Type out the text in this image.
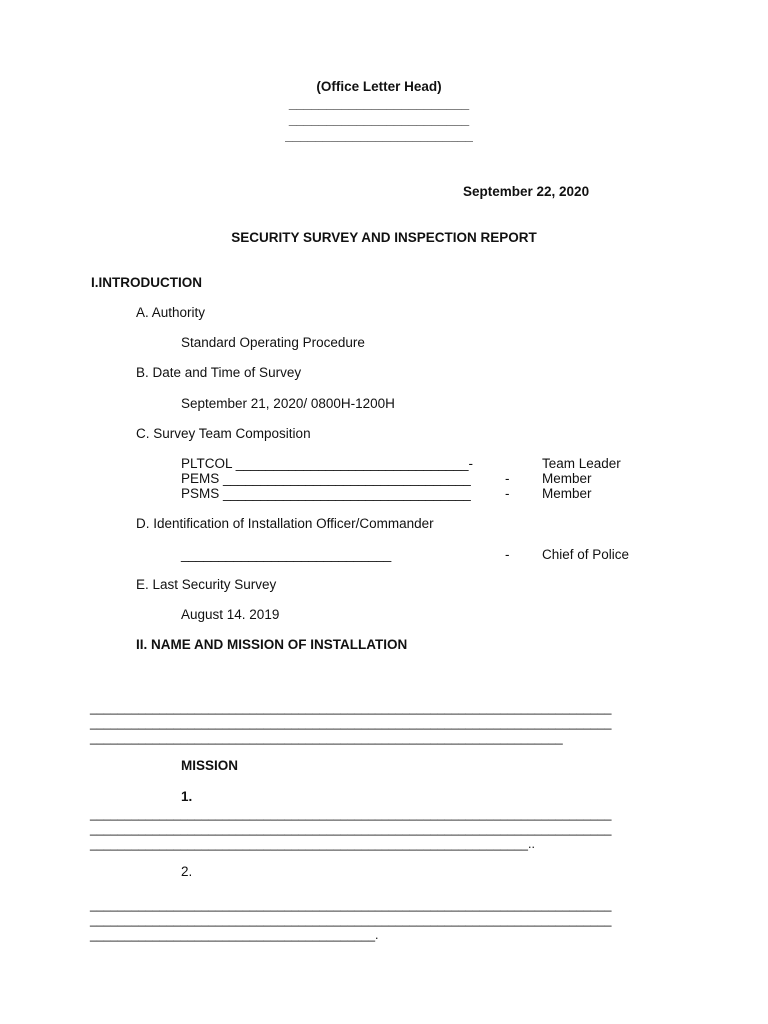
(Office Letter Head)
________________________
________________________
_________________________
September 22, 2020
SECURITY SURVEY AND INSPECTION REPORT
I.INTRODUCTION
A. Authority
Standard Operating Procedure
B. Date and Time of Survey
September 21, 2020/ 0800H-1200H
C. Survey Team Composition
PLTCOL _______________________________-	Team Leader
PEMS _________________________________	- Member
PSMS _________________________________	- Member
D. Identification of Installation Officer/Commander
____________________________	- Chief of Police
E. Last Security Survey
August 14. 2019
II. NAME AND MISSION OF INSTALLATION
___________________________________________________________________________
___________________________________________________________________________
____________________________________________________________________
MISSION
1.
___________________________________________________________________________
___________________________________________________________________________
_______________________________________________________________..
2.
___________________________________________________________________________
___________________________________________________________________________
_________________________________________.
